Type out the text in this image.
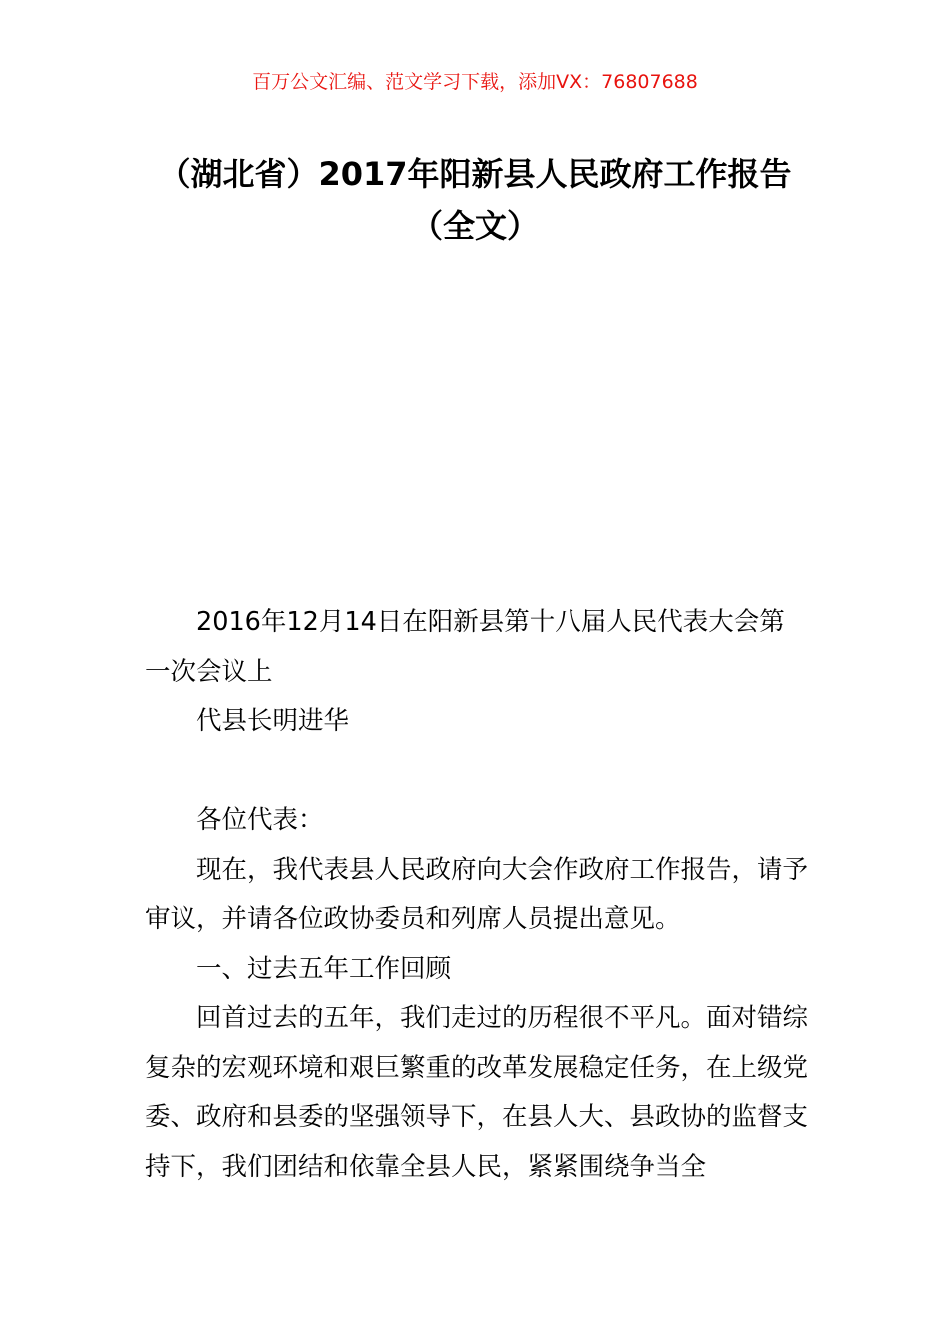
百万公文汇编、范文学习下载，添加VX：76807688
（湖北省）2017年阳新县人民政府工作报告（全文）

2016年12月14日在阳新县第十八届人民代表大会第一次会议上

代县长明进华

各位代表：

现在，我代表县人民政府向大会作政府工作报告，请予审议，并请各位政协委员和列席人员提出意见。

一、过去五年工作回顾

回首过去的五年，我们走过的历程很不平凡。面对错综复杂的宏观环境和艰巨繁重的改革发展稳定任务，在上级党委、政府和县委的坚强领导下，在县人大、县政协的监督支持下，我们团结和依靠全县人民，紧紧围绕争当全
